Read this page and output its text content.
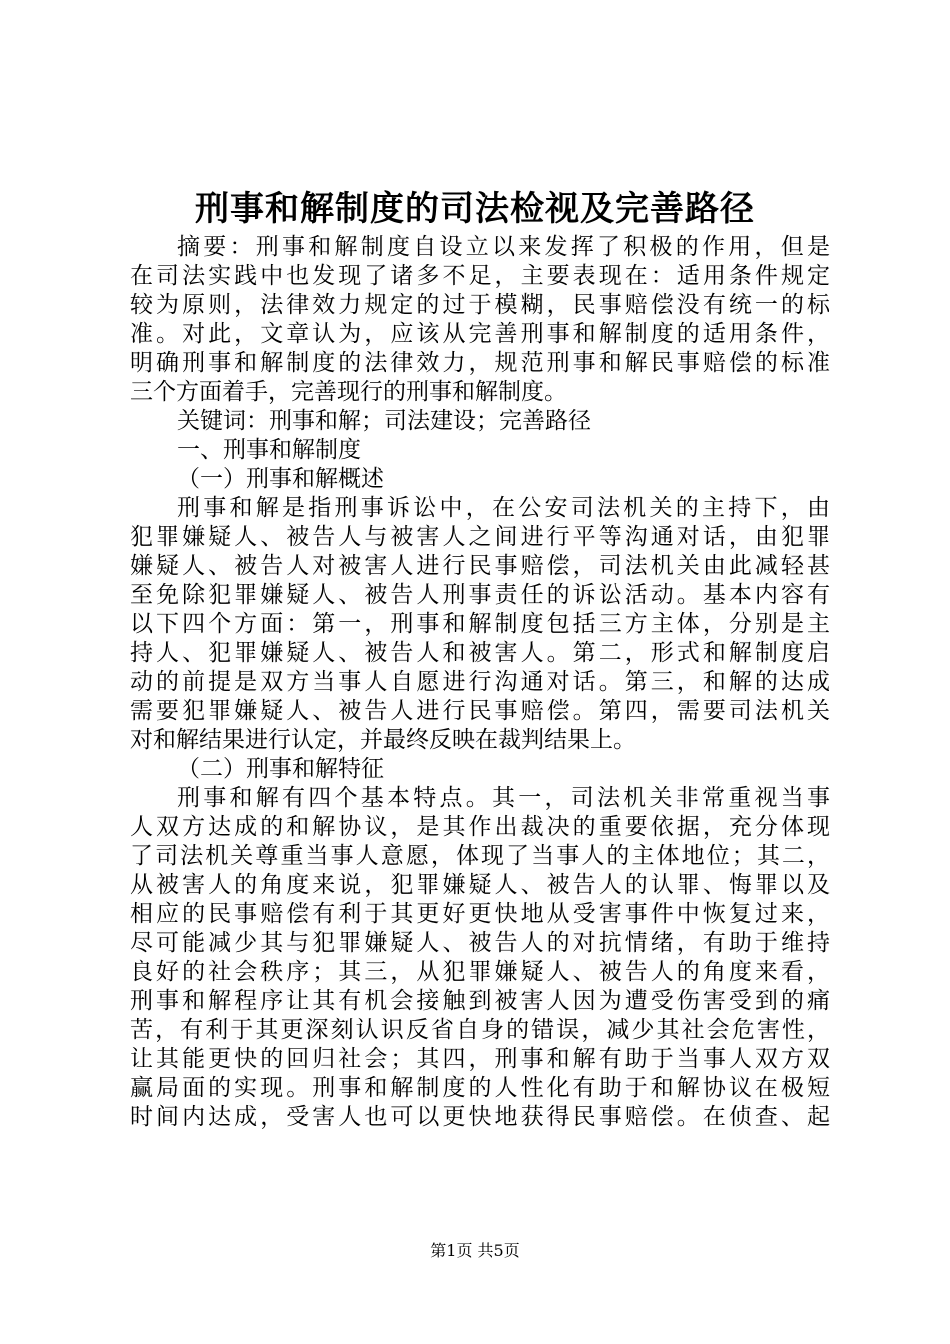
刑事和解制度的司法检视及完善路径
摘要：刑事和解制度自设立以来发挥了积极的作用，但是
在司法实践中也发现了诸多不足，主要表现在：适用条件规定
较为原则，法律效力规定的过于模糊，民事赔偿没有统一的标
准。对此，文章认为，应该从完善刑事和解制度的适用条件，
明确刑事和解制度的法律效力，规范刑事和解民事赔偿的标准
三个方面着手，完善现行的刑事和解制度。
关键词：刑事和解；司法建设；完善路径
一、刑事和解制度
（一）刑事和解概述
刑事和解是指刑事诉讼中，在公安司法机关的主持下，由
犯罪嫌疑人、被告人与被害人之间进行平等沟通对话，由犯罪
嫌疑人、被告人对被害人进行民事赔偿，司法机关由此减轻甚
至免除犯罪嫌疑人、被告人刑事责任的诉讼活动。基本内容有
以下四个方面：第一，刑事和解制度包括三方主体，分别是主
持人、犯罪嫌疑人、被告人和被害人。第二，形式和解制度启
动的前提是双方当事人自愿进行沟通对话。第三，和解的达成
需要犯罪嫌疑人、被告人进行民事赔偿。第四，需要司法机关
对和解结果进行认定，并最终反映在裁判结果上。
（二）刑事和解特征
刑事和解有四个基本特点。其一，司法机关非常重视当事
人双方达成的和解协议，是其作出裁决的重要依据，充分体现
了司法机关尊重当事人意愿，体现了当事人的主体地位；其二，
从被害人的角度来说，犯罪嫌疑人、被告人的认罪、悔罪以及
相应的民事赔偿有利于其更好更快地从受害事件中恢复过来，
尽可能减少其与犯罪嫌疑人、被告人的对抗情绪，有助于维持
良好的社会秩序；其三，从犯罪嫌疑人、被告人的角度来看，
刑事和解程序让其有机会接触到被害人因为遭受伤害受到的痛
苦，有利于其更深刻认识反省自身的错误，减少其社会危害性，
让其能更快的回归社会；其四，刑事和解有助于当事人双方双
赢局面的实现。刑事和解制度的人性化有助于和解协议在极短
时间内达成，受害人也可以更快地获得民事赔偿。在侦查、起
第1页 共5页
